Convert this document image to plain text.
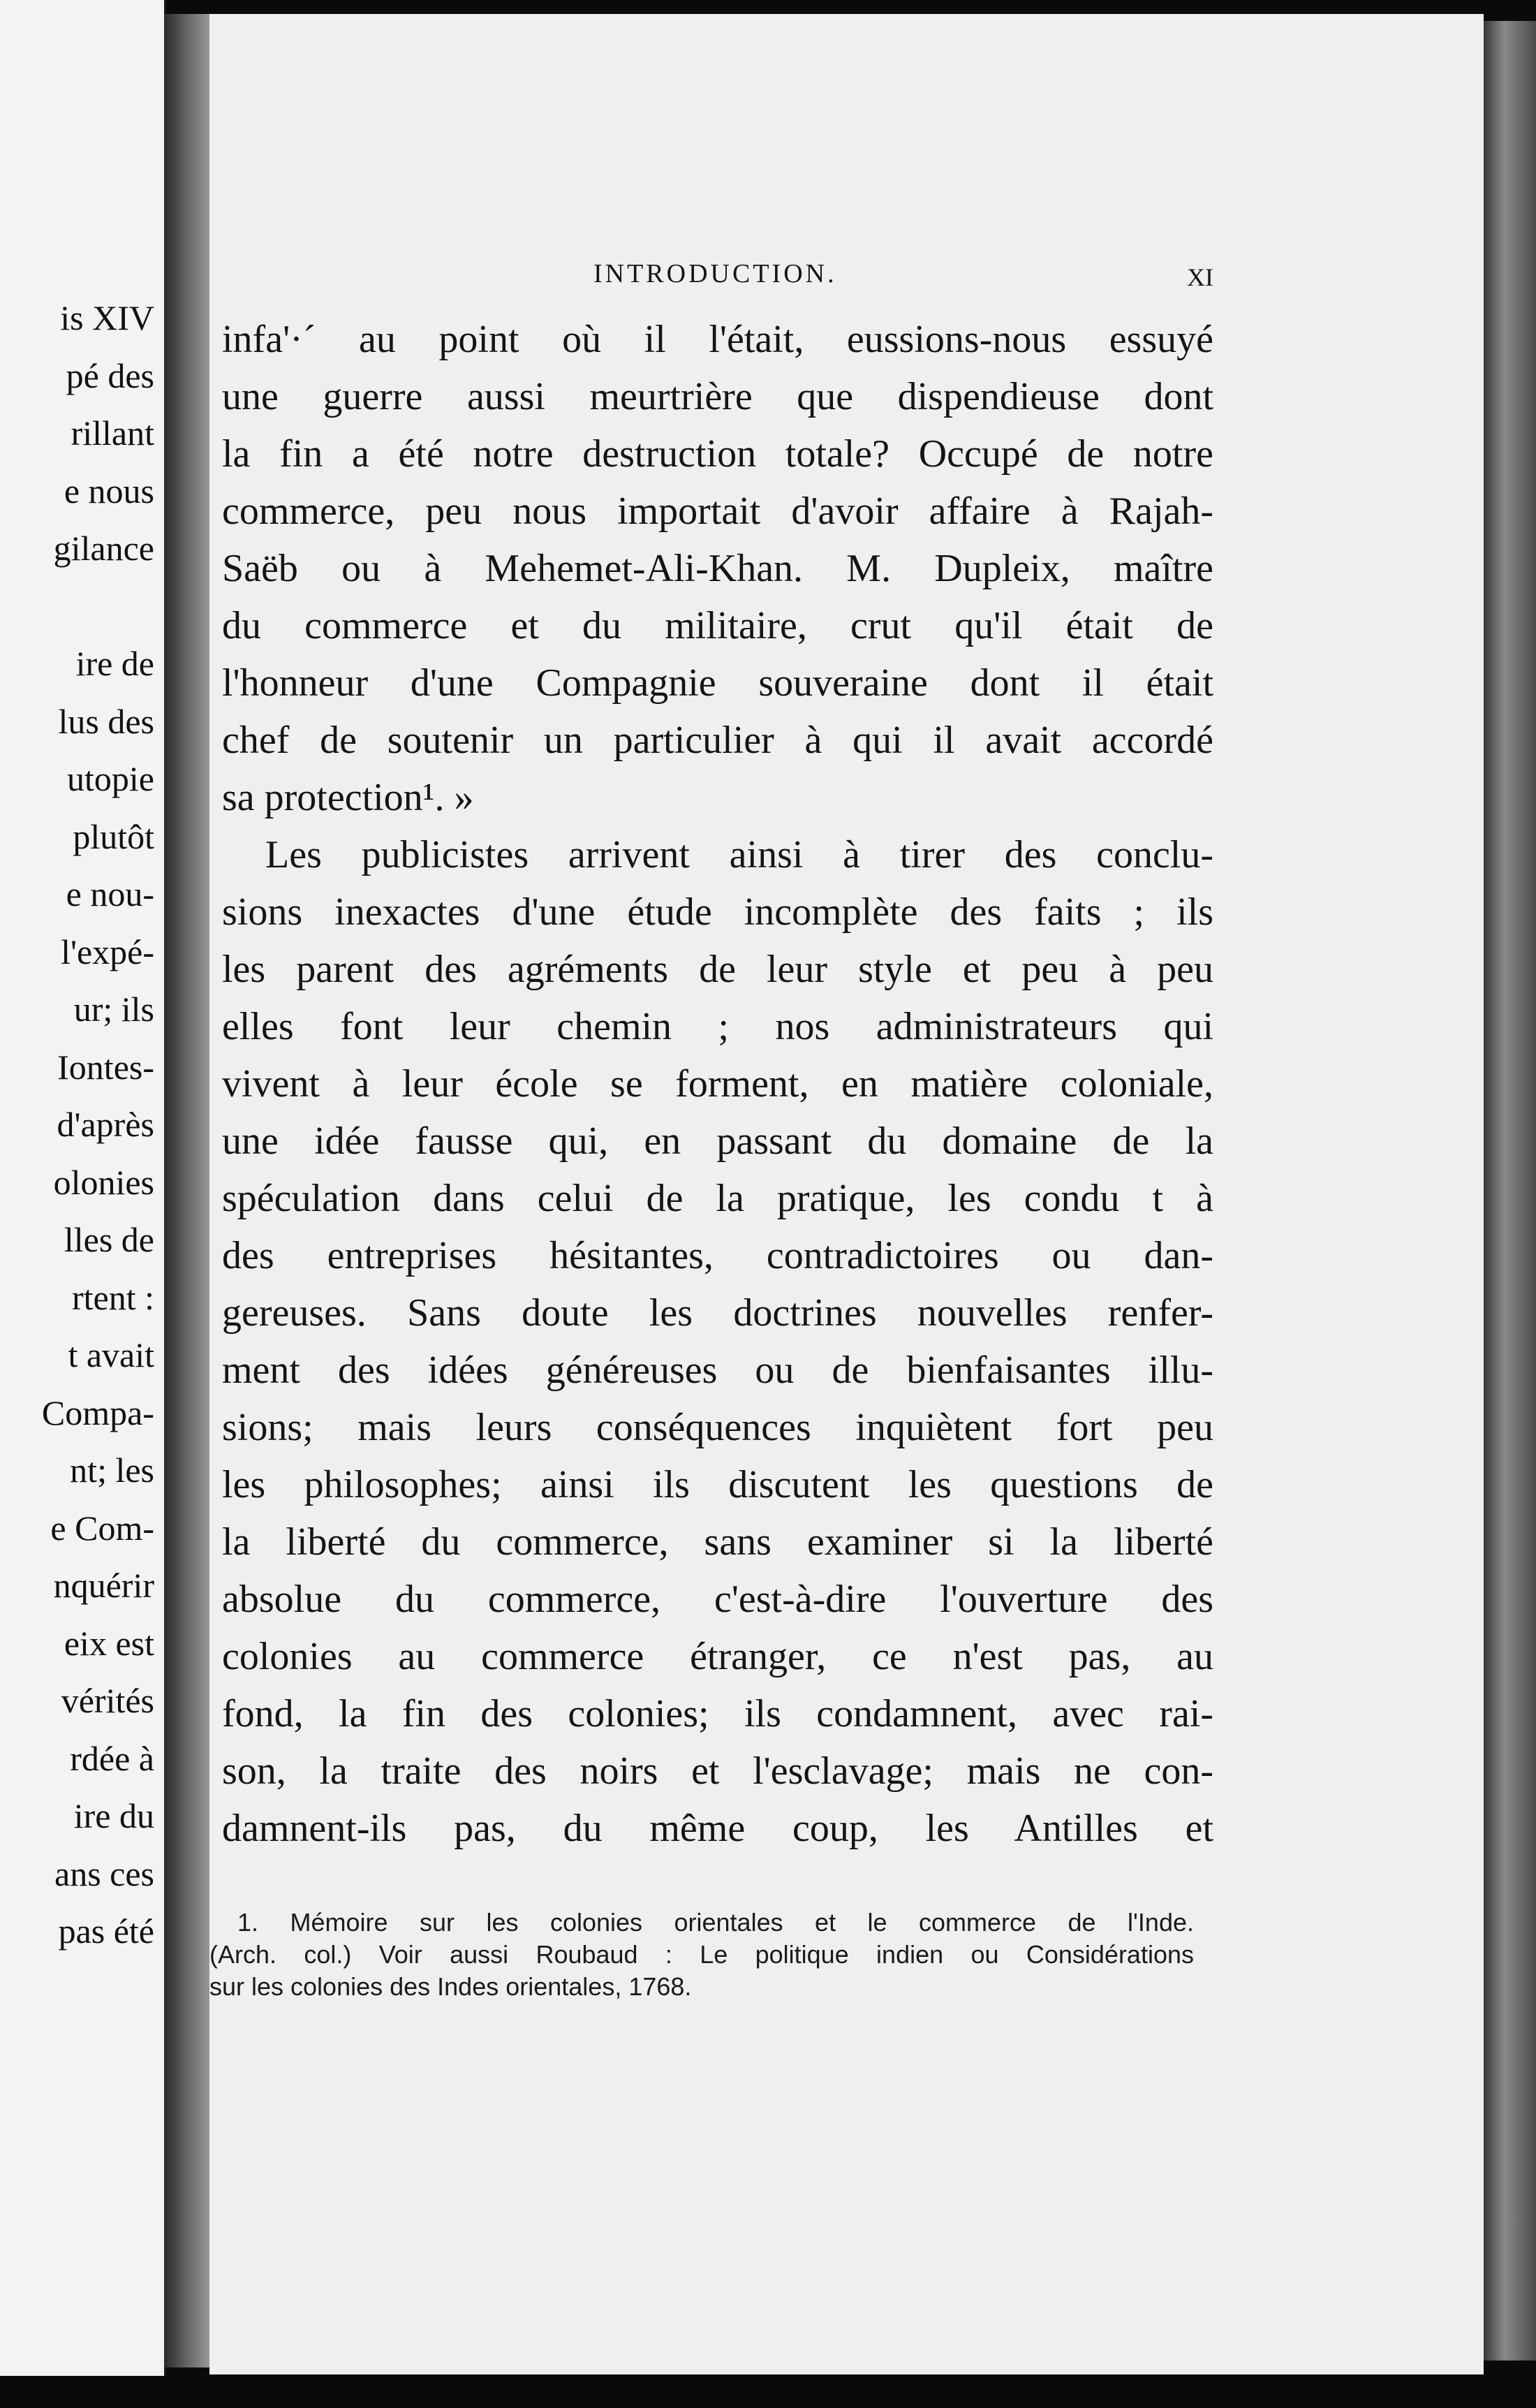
is XIV
pé des
rillant
e nous
gilance
ire de
lus des
utopie
plutôt
e nou-
l'expé-
ur; ils
Iontes-
d'après
olonies
lles de
rtent :
t avait
Compa-
nt; les
e Com-
nquérir
eix est
vérités
rdée à
ire du
ans ces
pas été
INTRODUCTION.	XI
infa'·´ au point où il l'était, eussions-nous essuyé
une guerre aussi meurtrière que dispendieuse dont
la fin a été notre destruction totale? Occupé de notre
commerce, peu nous importait d'avoir affaire à Rajah-
Saëb ou à Mehemet-Ali-Khan. M. Dupleix, maître
du commerce et du militaire, crut qu'il était de
l'honneur d'une Compagnie souveraine dont il était
chef de soutenir un particulier à qui il avait accordé
sa protection¹. »
Les publicistes arrivent ainsi à tirer des conclu-
sions inexactes d'une étude incomplète des faits ; ils
les parent des agréments de leur style et peu à peu
elles font leur chemin ; nos administrateurs qui
vivent à leur école se forment, en matière coloniale,
une idée fausse qui, en passant du domaine de la
spéculation dans celui de la pratique, les condu t à
des entreprises hésitantes, contradictoires ou dan-
gereuses. Sans doute les doctrines nouvelles renfer-
ment des idées généreuses ou de bienfaisantes illu-
sions; mais leurs conséquences inquiètent fort peu
les philosophes; ainsi ils discutent les questions de
la liberté du commerce, sans examiner si la liberté
absolue du commerce, c'est-à-dire l'ouverture des
colonies au commerce étranger, ce n'est pas, au
fond, la fin des colonies; ils condamnent, avec rai-
son, la traite des noirs et l'esclavage; mais ne con-
damnent-ils pas, du même coup, les Antilles et
1. Mémoire sur les colonies orientales et le commerce de l'Inde.
(Arch. col.) Voir aussi Roubaud : Le politique indien ou Considérations
sur les colonies des Indes orientales, 1768.
